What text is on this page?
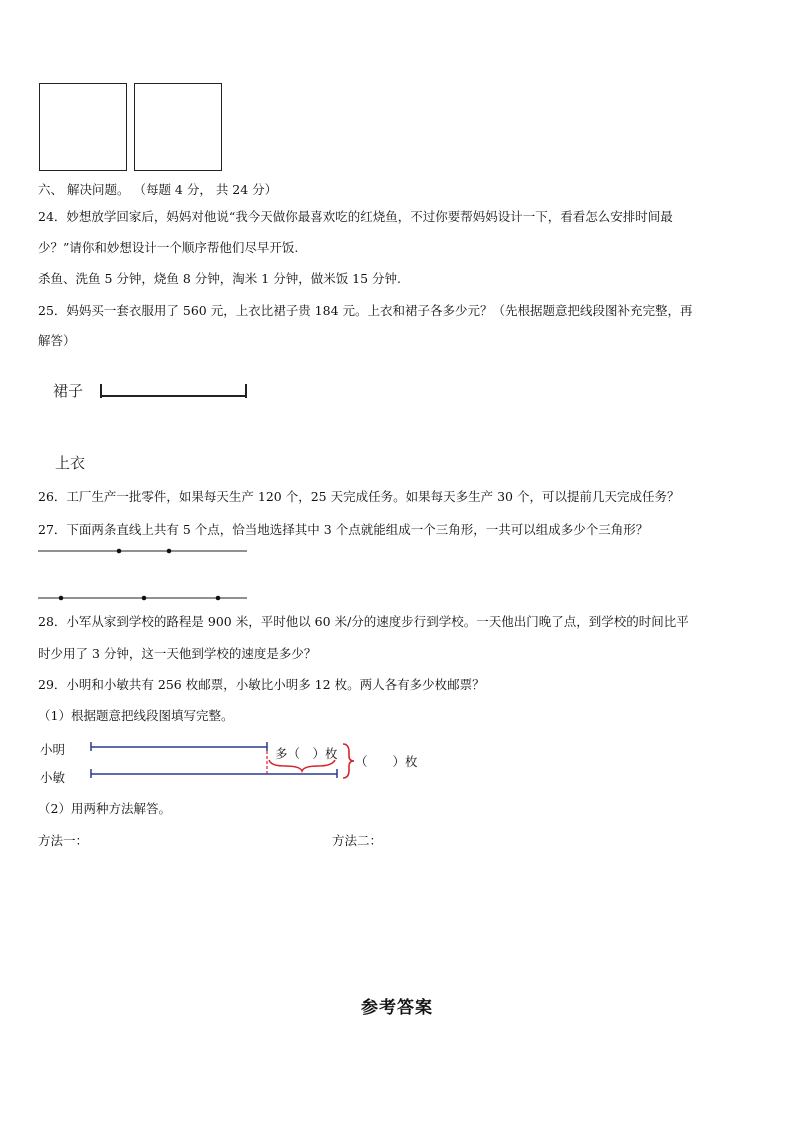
六、 解决问题。 （每题 4 分， 共 24 分）
24．妙想放学回家后，妈妈对他说“我今天做你最喜欢吃的红烧鱼，不过你要帮妈妈设计一下，看看怎么安排时间最
少？”请你和妙想设计一个顺序帮他们尽早开饭.
杀鱼、洗鱼 5 分钟，烧鱼 8 分钟，淘米 1 分钟，做米饭 15 分钟.
25．妈妈买一套衣服用了 560 元，上衣比裙子贵 184 元。上衣和裙子各多少元？（先根据题意把线段图补充完整，再
解答）
裙子
上衣
26．工厂生产一批零件，如果每天生产 120 个，25 天完成任务。如果每天多生产 30 个，可以提前几天完成任务？
27．下面两条直线上共有 5 个点，恰当地选择其中 3 个点就能组成一个三角形，一共可以组成多少个三角形？
28．小军从家到学校的路程是 900 米，平时他以 60 米/分的速度步行到学校。一天他出门晚了点，到学校的时间比平
时少用了 3 分钟，这一天他到学校的速度是多少？
29．小明和小敏共有 256 枚邮票，小敏比小明多 12 枚。两人各有多少枚邮票？
（1）根据题意把线段图填写完整。
小明
小敏
多（　）枚
（　　）枚
（2）用两种方法解答。
方法一：	方法二：
参考答案
